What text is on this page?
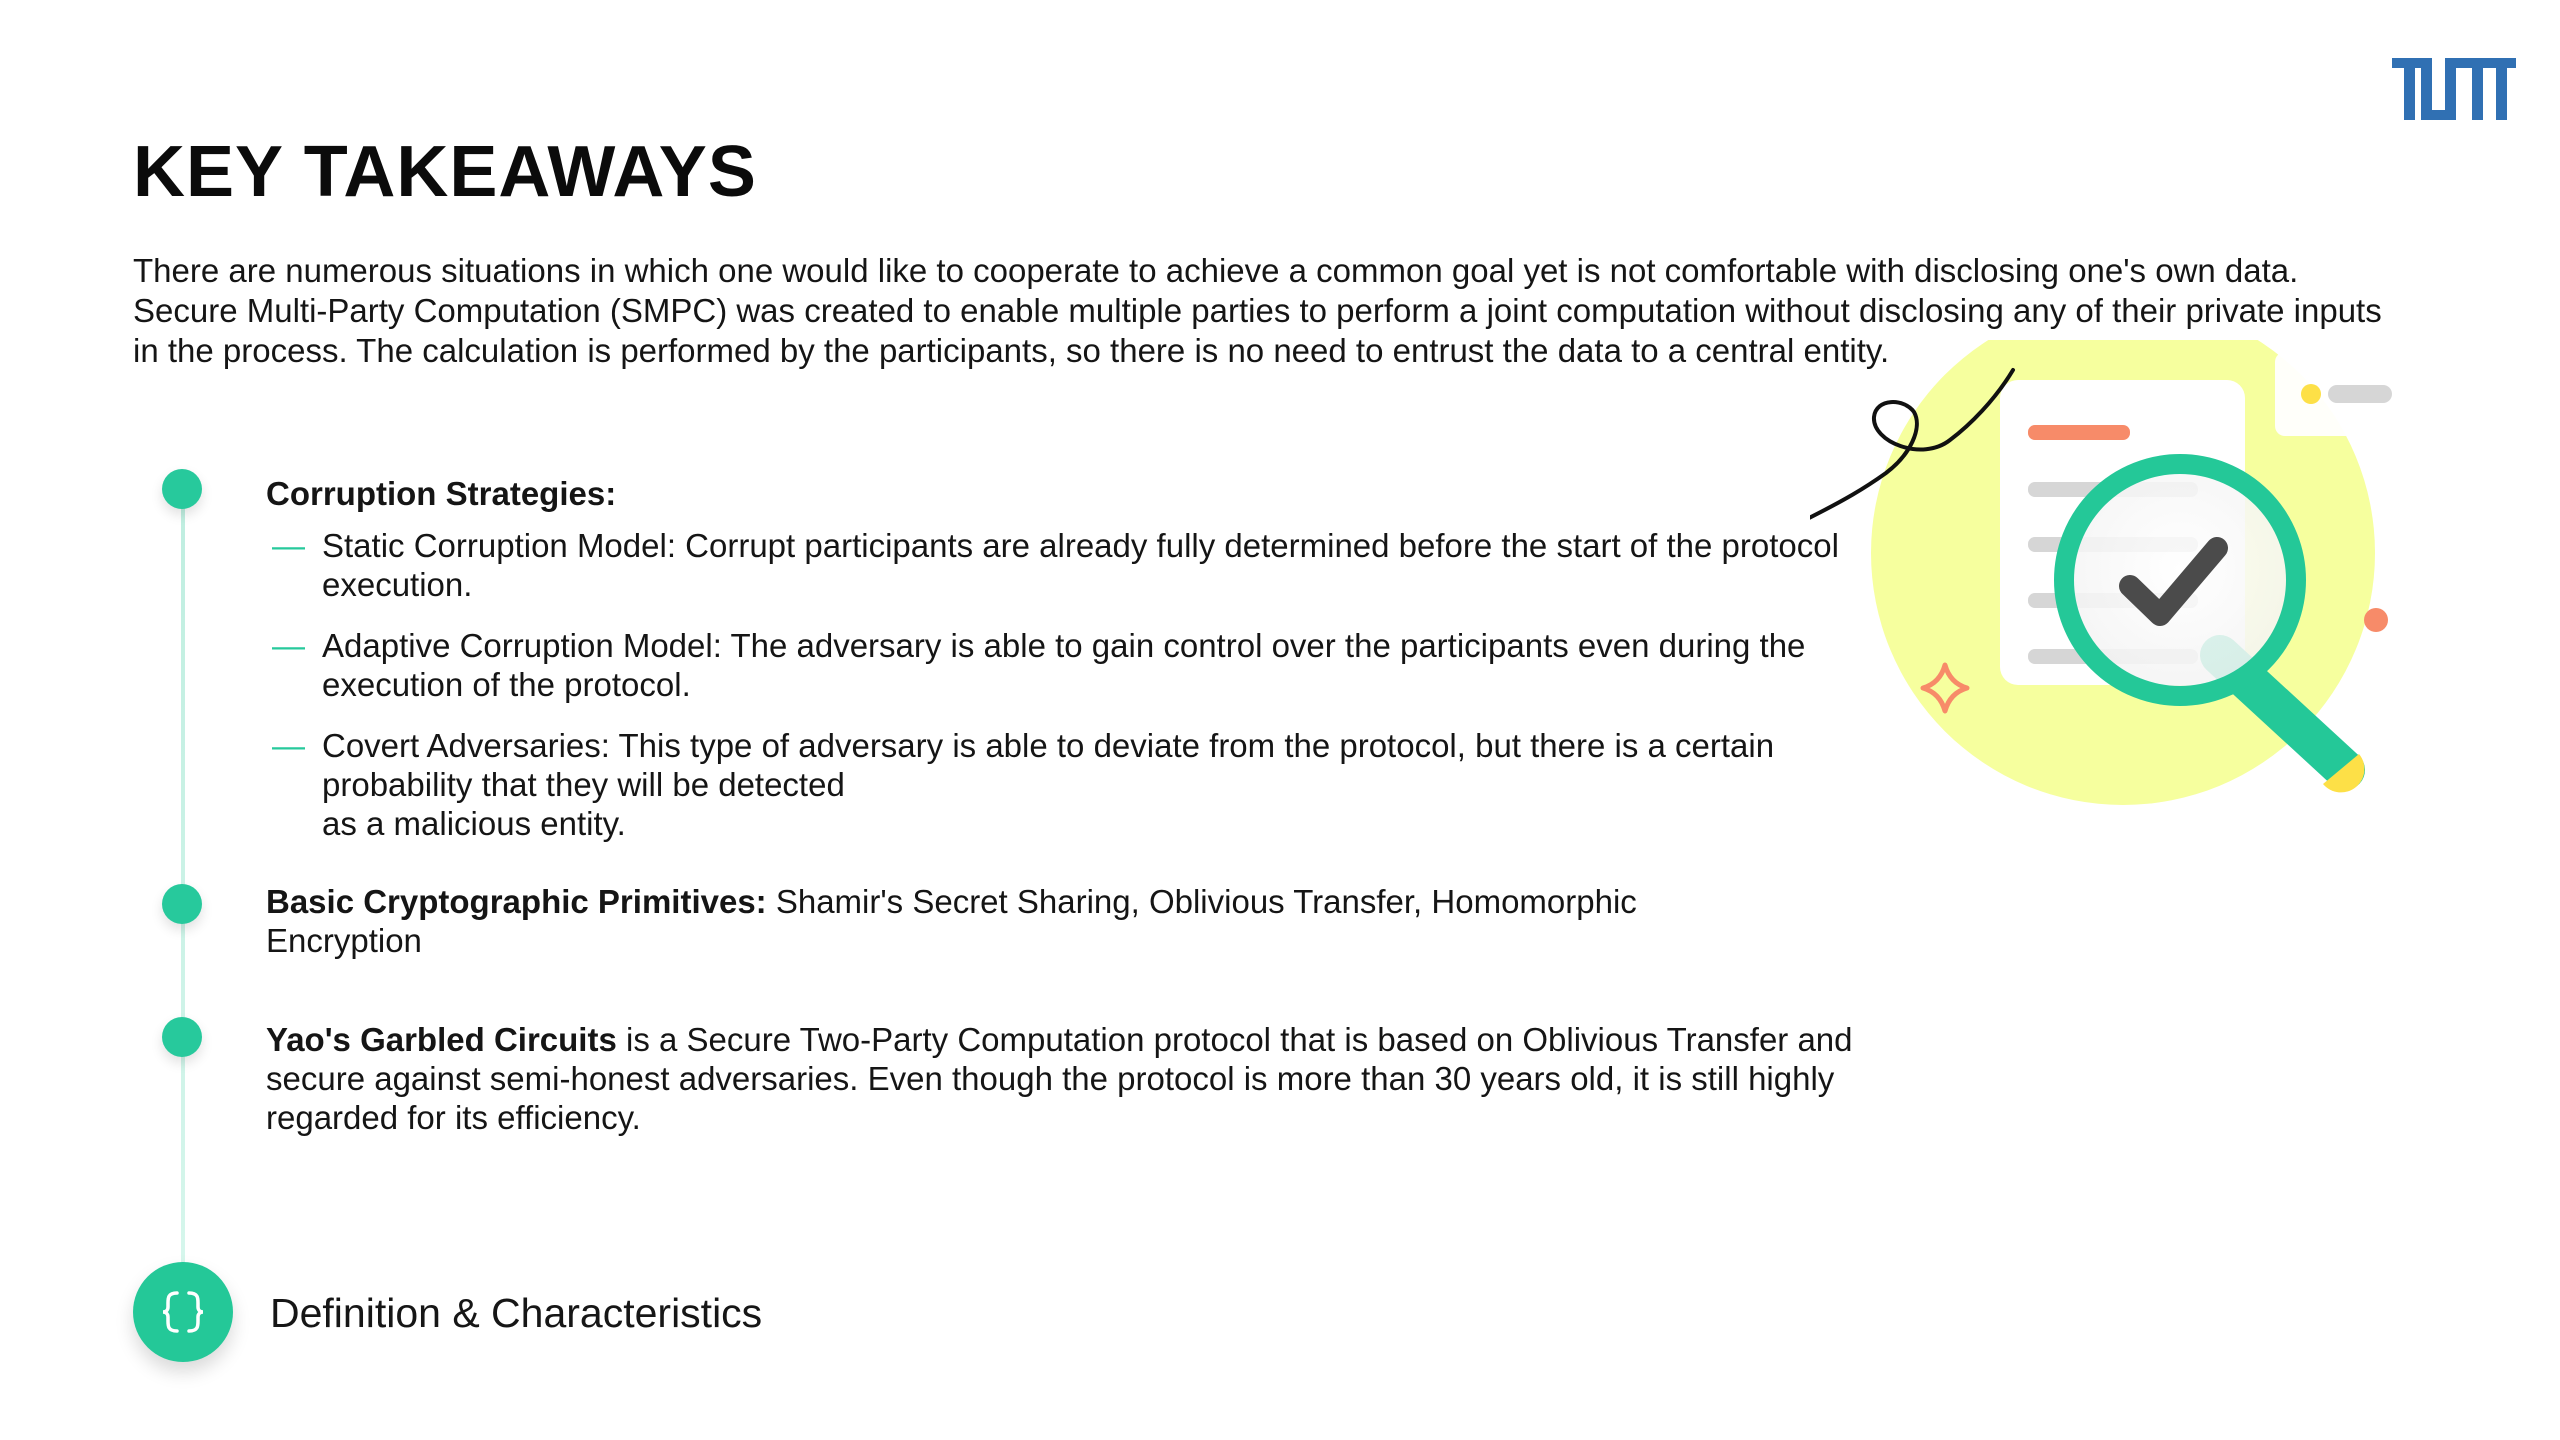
KEY TAKEAWAYS

There are numerous situations in which one would like to cooperate to achieve a common goal yet is not comfortable with disclosing one's own data. Secure Multi-Party Computation (SMPC) was created to enable multiple parties to perform a joint computation without disclosing any of their private inputs in the process. The calculation is performed by the participants, so there is no need to entrust the data to a central entity.

Corruption Strategies:
— Static Corruption Model: Corrupt participants are already fully determined before the start of the protocol execution.
— Adaptive Corruption Model: The adversary is able to gain control over the participants even during the execution of the protocol.
— Covert Adversaries: This type of adversary is able to deviate from the protocol, but there is a certain probability that they will be detected
as a malicious entity.
Basic Cryptographic Primitives: Shamir's Secret Sharing, Oblivious Transfer, Homomorphic Encryption
Yao's Garbled Circuits is a Secure Two-Party Computation protocol that is based on Oblivious Transfer and secure against semi-honest adversaries. Even though the protocol is more than 30 years old, it is still highly regarded for its efficiency.
Definition & Characteristics
